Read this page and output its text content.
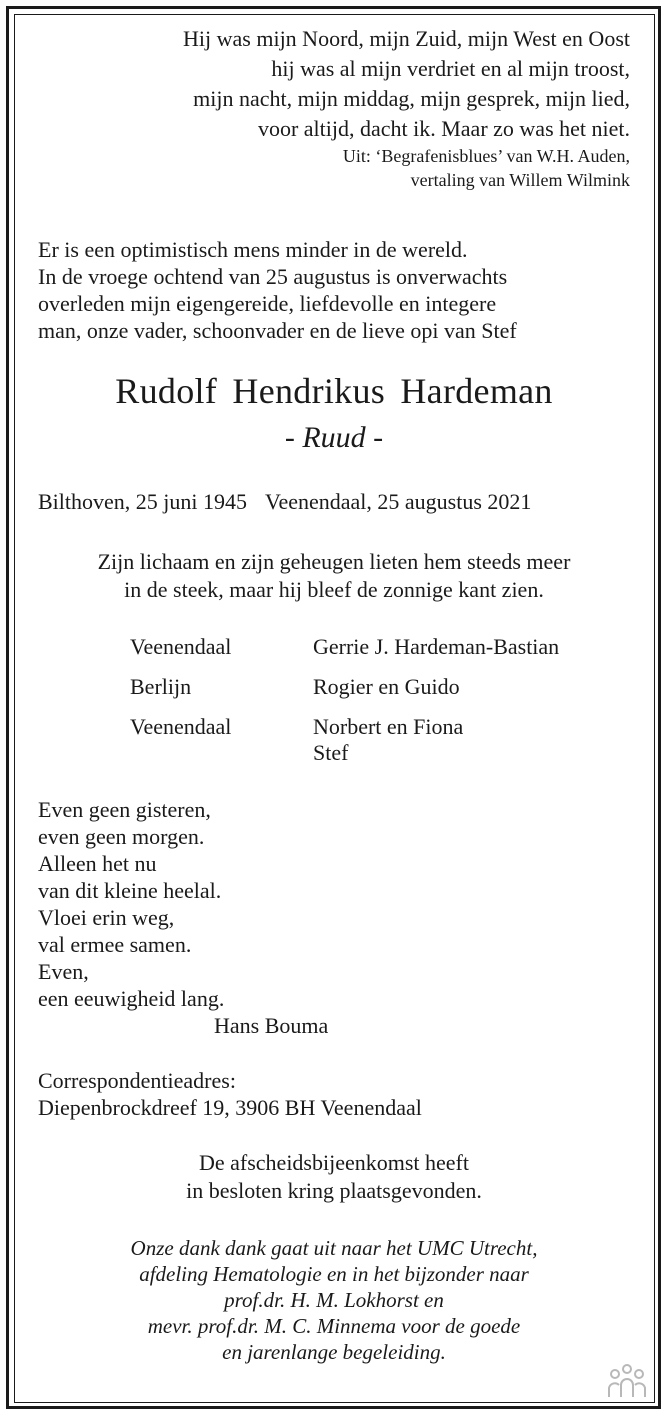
Hij was mijn Noord, mijn Zuid, mijn West en Oost
hij was al mijn verdriet en al mijn troost,
mijn nacht, mijn middag, mijn gesprek, mijn lied,
voor altijd, dacht ik. Maar zo was het niet.
Uit: ‘Begrafenisblues’ van W.H. Auden,
vertaling van Willem Wilmink
Er is een optimistisch mens minder in de wereld.
In de vroege ochtend van 25 augustus is onverwachts
overleden mijn eigengereide, liefdevolle en integere
man, onze vader, schoonvader en de lieve opi van Stef
Rudolf Hendrikus Hardeman
- Ruud -
Bilthoven, 25 juni 1945 Veenendaal, 25 augustus 2021
Zijn lichaam en zijn geheugen lieten hem steeds meer
in de steek, maar hij bleef de zonnige kant zien.
Veenendaal	Gerrie J. Hardeman-Bastian
Berlijn	Rogier en Guido
Veenendaal	Norbert en Fiona
Stef
Even geen gisteren,
even geen morgen.
Alleen het nu
van dit kleine heelal.
Vloei erin weg,
val ermee samen.
Even,
een eeuwigheid lang.
Hans Bouma
Correspondentieadres:
Diepenbrockdreef 19, 3906 BH Veenendaal
De afscheidsbijeenkomst heeft
in besloten kring plaatsgevonden.
Onze dank dank gaat uit naar het UMC Utrecht,
afdeling Hematologie en in het bijzonder naar
prof.dr. H. M. Lokhorst en
mevr. prof.dr. M. C. Minnema voor de goede
en jarenlange begeleiding.
